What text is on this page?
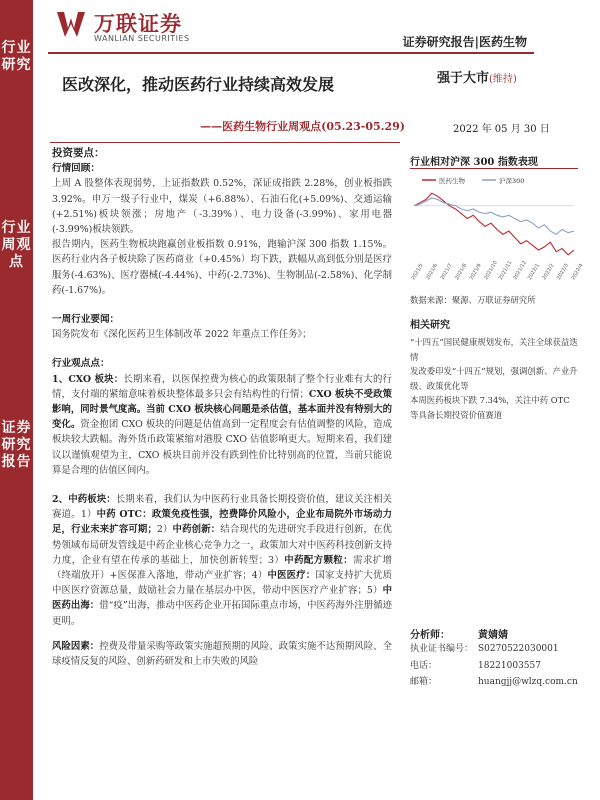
行业研究
行业周观点
证券研究报告
万联证券
WANLIAN SECURITIES	证券研究报告|医药生物
医改深化，推动医药行业持续高效发展
——医药生物行业周观点(05.23-05.29)
强于大市(维持)
2022 年 05 月 30 日

投资要点：

行情回顾：

上周 A 股整体表现弱势，上证指数跌 0.52%，深证成指跌 2.28%，创业板指跌 3.92%。申万一级子行业中，煤炭（+6.88%）、石油石化(+5.09%)、交通运输(+2.51%)板块领涨；房地产（-3.39%）、电力设备(-3.99%)、家用电器(-3.99%)板块领跌。

报告期内，医药生物板块跑赢创业板指数 0.91%，跑输沪深 300 指数 1.15%。医药行业内各子板块除了医药商业（+0.45%）均下跌，跌幅从高到低分别是医疗服务(-4.63%)、医疗器械(-4.44%)、中药(-2.73%)、生物制品(-2.58%)、化学制药(-1.67%)。

一周行业要闻：

国务院发布《深化医药卫生体制改革 2022 年重点工作任务》；

行业观点点：

1、CXO 板块：长期来看，以医保控费为核心的政策限制了整个行业难有大的行情，支付端的紧缩意味着板块整体最多只会有结构性的行情；CXO 板块不受政策影响，同时景气度高。当前 CXO 板块核心问题是杀估值，基本面并没有特别大的变化。资金抱团 CXO 板块的问题是估值高到一定程度会有估值调整的风险，造成板块较大跌幅。海外货币政策紧缩对港股 CXO 估值影响更大。短期来看，我们建议以谨慎观望为主，CXO 板块目前并没有跌到性价比特别高的位置，当前只能说算是合理的估值区间内。

2、中药板块：长期来看，我们认为中医药行业具备长期投资价值，建议关注相关赛道。1）中药 OTC：政策免疫性强，控费降价风险小，企业布局院外市场动力足，行业未来扩容可期；2）中药创新：结合现代的先进研究手段进行创新，在优势领域布局研发管线是中药企业核心竞争力之一，政策加大对中医药科技创新支持力度，企业有望在传承的基础上，加快创新转型；3）中药配方颗粒：需求扩增（终端放开）+医保准入落地，带动产业扩容；4）中医医疗：国家支持扩大优质中医医疗资源总量，鼓励社会力量在基层办中医，带动中医医疗产业扩容；5）中医药出海：借“疫”出海，推动中医药企业开拓国际重点市场，中医药海外注册循迹更明。

风险因素：控费及带量采购等政策实施超预期的风险、政策实施不达预期风险、全球疫情反复的风险、创新药研发和上市失败的风险

行业相对沪深 300 指数表现
医药生物	沪深300
2021/5 2021/6 2021/7 2021/8 2021/9 2021/10
2021/11
2021/12
2022/1 2022/2 2022/3 2022/4
数据来源：聚源、万联证券研究所
相关研究
“十四五”国民健康规划发布，关注全球获益迭情
发改委印发“十四五”规划，强调创新、产业升级、政策优化等
本周医药板块下跌 7.34%，关注中药 OTC 等具备长期投资价值赛道
分析师：	黄婧婧
执业证书编号： S0270522030001
电话：	18221003557
邮箱：	huangjj@wlzq.com.cn
